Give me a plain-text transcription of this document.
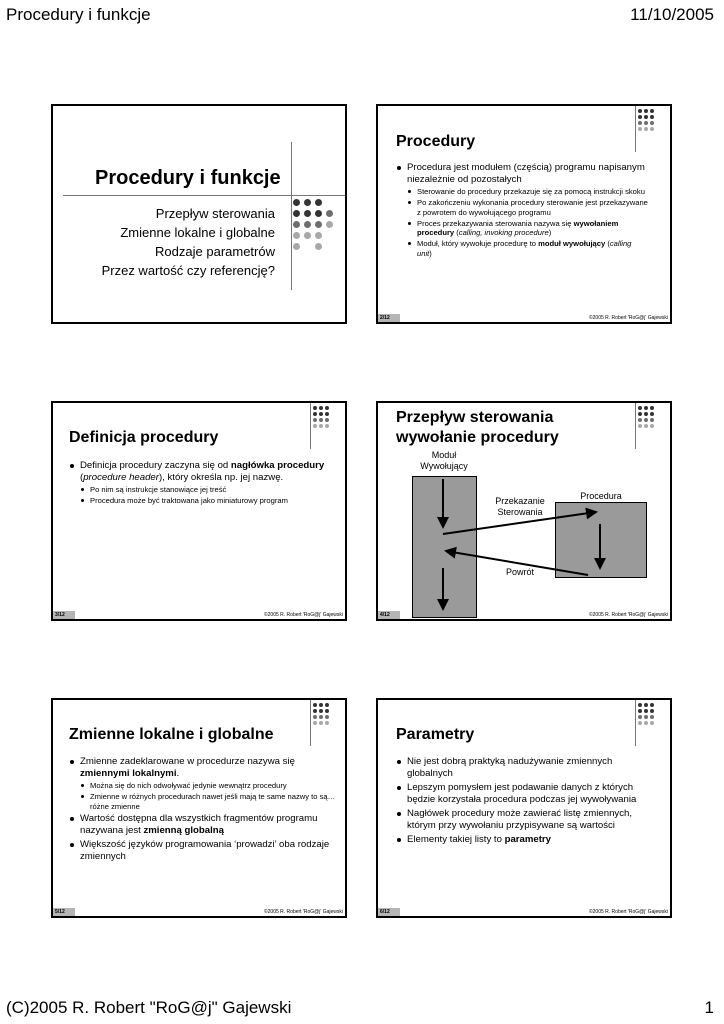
Procedury i funkcje	11/10/2005
Procedury i funkcje
Przepływ sterowania
Zmienne lokalne i globalne
Rodzaje parametrów
Przez wartość czy referencję?
Procedury
Procedura jest modułem (częścią) programu napisanym niezależnie od pozostałych
Sterowanie do procedury przekazuje się za pomocą instrukcji skoku
Po zakończeniu wykonania procedury sterowanie jest przekazywane z powrotem do wywołującego programu
Proces przekazywania sterowania nazywa się wywołaniem procedury (calling, invoking procedure)
Moduł, który wywołuje procedurę to moduł wywołujący (calling unit)
2/12	©2005 R. Robert 'RoG@j' Gajewski
Definicja procedury
Definicja procedury zaczyna się od nagłówka procedury (procedure header), który określa np. jej nazwę.
Po nim są instrukcje stanowiące jej treść
Procedura może być traktowana jako miniaturowy program
3/12	©2005 R. Robert 'RoG@j' Gajewski
Przepływ sterowania
wywołanie procedury
Moduł
Wywołujący
Procedura
Przekazanie
Sterowania
Powrót
4/12	©2005 R. Robert 'RoG@j' Gajewski
Zmienne lokalne i globalne
Zmienne zadeklarowane w procedurze nazywa się zmiennymi lokalnymi.
Można się do nich odwoływać jedynie wewnątrz procedury
Zmienne w różnych procedurach nawet jeśli mają te same nazwy to są… różne zmienne
Wartość dostępna dla wszystkich fragmentów programu nazywana jest zmienną globalną
Większość języków programowania ‘prowadzi’ oba rodzaje zmiennych
5/12	©2005 R. Robert 'RoG@j' Gajewski
Parametry
Nie jest dobrą praktyką nadużywanie zmiennych globalnych
Lepszym pomysłem jest podawanie danych z których będzie korzystała procedura podczas jej wywoływania
Nagłówek procedury może zawierać listę zmiennych, którym przy wywołaniu przypisywane są wartości
Elementy takiej listy to parametry
6/12	©2005 R. Robert 'RoG@j' Gajewski
(C)2005 R. Robert "RoG@j" Gajewski	1
